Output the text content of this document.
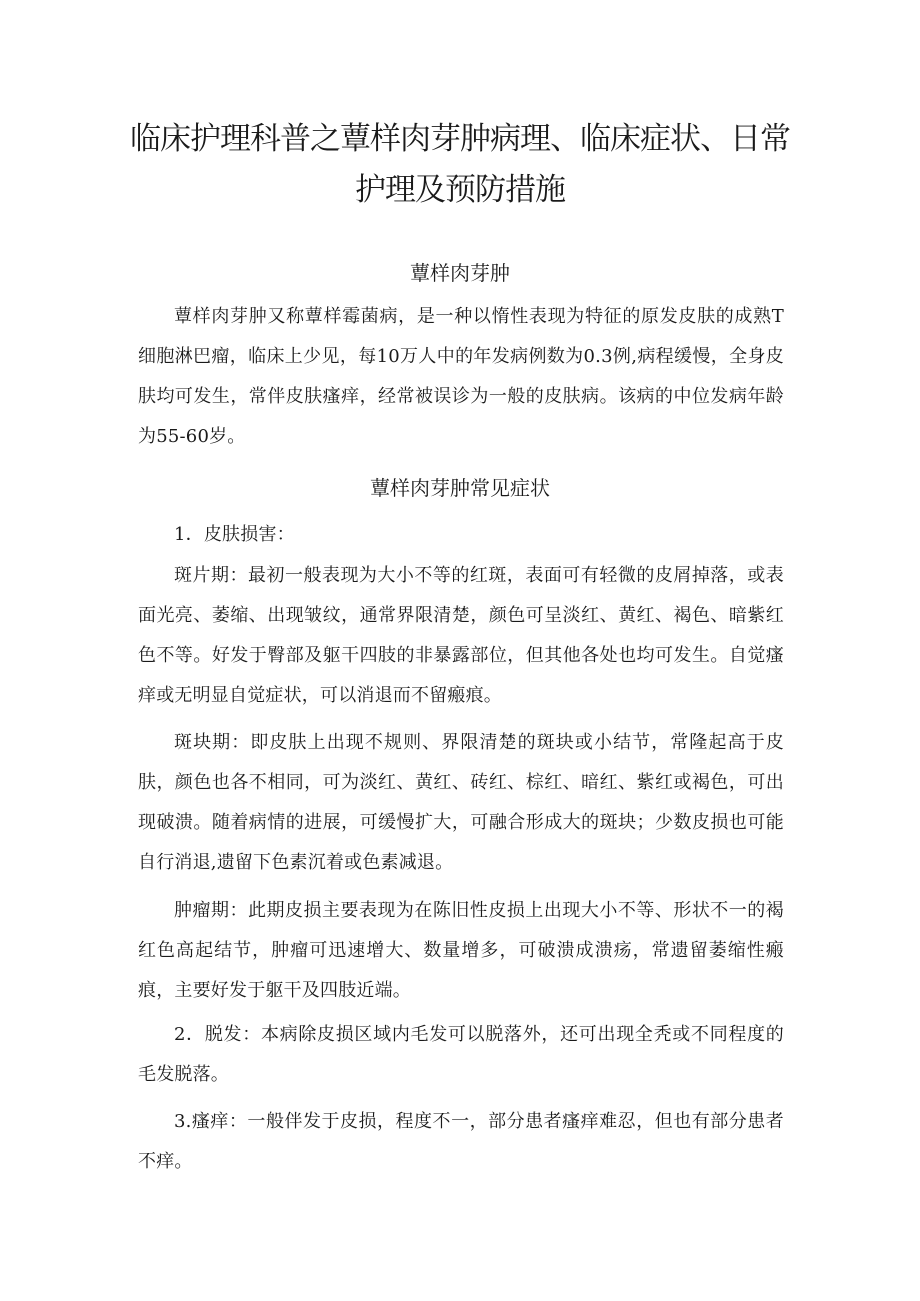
临床护理科普之蕈样肉芽肿病理、临床症状、日常护理及预防措施
蕈样肉芽肿

蕈样肉芽肿又称蕈样霉菌病，是一种以惰性表现为特征的原发皮肤的成熟T细胞淋巴瘤，临床上少见，每10万人中的年发病例数为0.3例,病程缓慢，全身皮肤均可发生，常伴皮肤瘙痒，经常被误诊为一般的皮肤病。该病的中位发病年龄为55-60岁。

蕈样肉芽肿常见症状

1．皮肤损害：

斑片期：最初一般表现为大小不等的红斑，表面可有轻微的皮屑掉落，或表面光亮、萎缩、出现皱纹，通常界限清楚，颜色可呈淡红、黄红、褐色、暗紫红色不等。好发于臀部及躯干四肢的非暴露部位，但其他各处也均可发生。自觉瘙痒或无明显自觉症状，可以消退而不留瘢痕。

斑块期：即皮肤上出现不规则、界限清楚的斑块或小结节，常隆起高于皮肤，颜色也各不相同，可为淡红、黄红、砖红、棕红、暗红、紫红或褐色，可出现破溃。随着病情的进展，可缓慢扩大，可融合形成大的斑块；少数皮损也可能自行消退,遗留下色素沉着或色素减退。

肿瘤期：此期皮损主要表现为在陈旧性皮损上出现大小不等、形状不一的褐红色高起结节，肿瘤可迅速增大、数量增多，可破溃成溃疡，常遗留萎缩性瘢痕，主要好发于躯干及四肢近端。

2．脱发：本病除皮损区域内毛发可以脱落外，还可出现全秃或不同程度的毛发脱落。

3.瘙痒：一般伴发于皮损，程度不一，部分患者瘙痒难忍，但也有部分患者不痒。
